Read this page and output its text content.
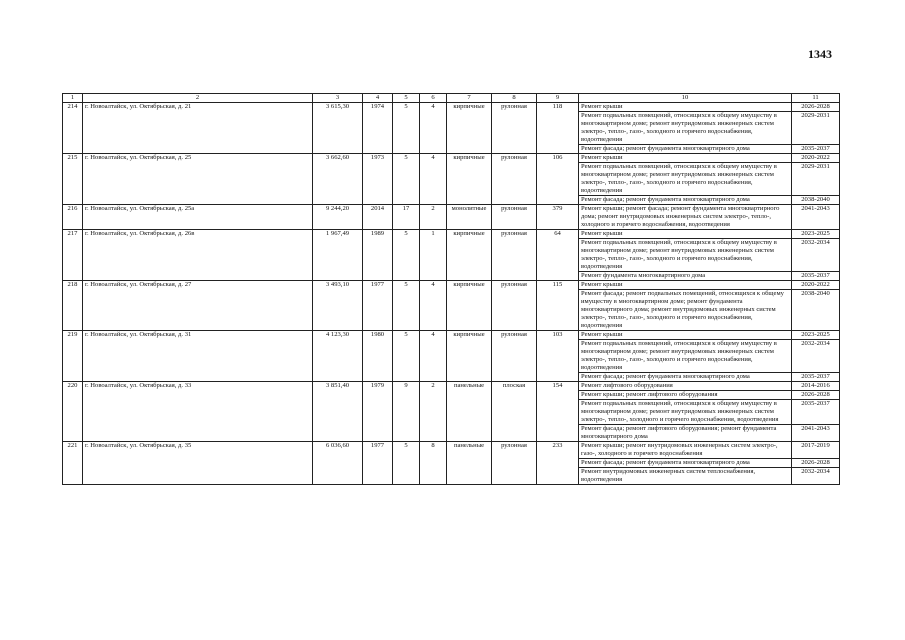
1343
1	2	3	4	5	6	7	8	9	10	11
214	г. Новоалтайск, ул. Октябрьская, д. 21	3 615,30	1974	5	4	кирпичные	рулонная	118	Ремонт крыши	2026-2028
									Ремонт подвальных помещений, относящихся к общему имуществу в многоквартирном доме; ремонт внутридомовых инженерных систем электро-, тепло-, газо-, холодного и горячего водоснабжения, водоотведения	2029-2031
									Ремонт фасада; ремонт фундамента многоквартирного дома	2035-2037
215	г. Новоалтайск, ул. Октябрьская, д. 25	3 662,60	1973	5	4	кирпичные	рулонная	106	Ремонт крыши	2020-2022
									Ремонт подвальных помещений, относящихся к общему имуществу в многоквартирном доме; ремонт внутридомовых инженерных систем электро-, тепло-, газо-, холодного и горячего водоснабжения, водоотведения	2029-2031
									Ремонт фасада; ремонт фундамента многоквартирного дома	2038-2040
216	г. Новоалтайск, ул. Октябрьская, д. 25а	9 244,20	2014	17	2	монолитные	рулонная	379	Ремонт крыши; ремонт фасада; ремонт фундамента многоквартирного дома; ремонт внутридомовых инженерных систем электро-, тепло-, холодного и горячего водоснабжения, водоотведения	2041-2043
217	г. Новоалтайск, ул. Октябрьская, д. 26в	1 967,49	1989	5	1	кирпичные	рулонная	64	Ремонт крыши	2023-2025
									Ремонт подвальных помещений, относящихся к общему имуществу в многоквартирном доме; ремонт внутридомовых инженерных систем электро-, тепло-, газо-, холодного и горячего водоснабжения, водоотведения	2032-2034
									Ремонт фундамента многоквартирного дома	2035-2037
218	г. Новоалтайск, ул. Октябрьская, д. 27	3 493,10	1977	5	4	кирпичные	рулонная	115	Ремонт крыши	2020-2022
									Ремонт фасада; ремонт подвальных помещений, относящихся к общему имуществу в многоквартирном доме; ремонт фундамента многоквартирного дома; ремонт внутридомовых инженерных систем электро-, тепло-, газо-, холодного и горячего водоснабжения, водоотведения	2038-2040
219	г. Новоалтайск, ул. Октябрьская, д. 31	4 123,30	1980	5	4	кирпичные	рулонная	103	Ремонт крыши	2023-2025
									Ремонт подвальных помещений, относящихся к общему имуществу в многоквартирном доме; ремонт внутридомовых инженерных систем электро-, тепло-, газо-, холодного и горячего водоснабжения, водоотведения	2032-2034
									Ремонт фасада; ремонт фундамента многоквартирного дома	2035-2037
220	г. Новоалтайск, ул. Октябрьская, д. 33	3 851,40	1979	9	2	панельные	плоская	154	Ремонт лифтового оборудования	2014-2016
									Ремонт крыши; ремонт лифтового оборудования	2026-2028
									Ремонт подвальных помещений, относящихся к общему имуществу в многоквартирном доме; ремонт внутридомовых инженерных систем электро-, тепло-, холодного и горячего водоснабжения, водоотведения	2035-2037
									Ремонт фасада; ремонт лифтового оборудования; ремонт фундамента многоквартирного дома	2041-2043
221	г. Новоалтайск, ул. Октябрьская, д. 35	6 036,60	1977	5	8	панельные	рулонная	233	Ремонт крыши; ремонт внутридомовых инженерных систем электро-, газо-, холодного и горячего водоснабжения	2017-2019
									Ремонт фасада; ремонт фундамента многоквартирного дома	2026-2028
									Ремонт внутридомовых инженерных систем теплоснабжения, водоотведения	2032-2034
